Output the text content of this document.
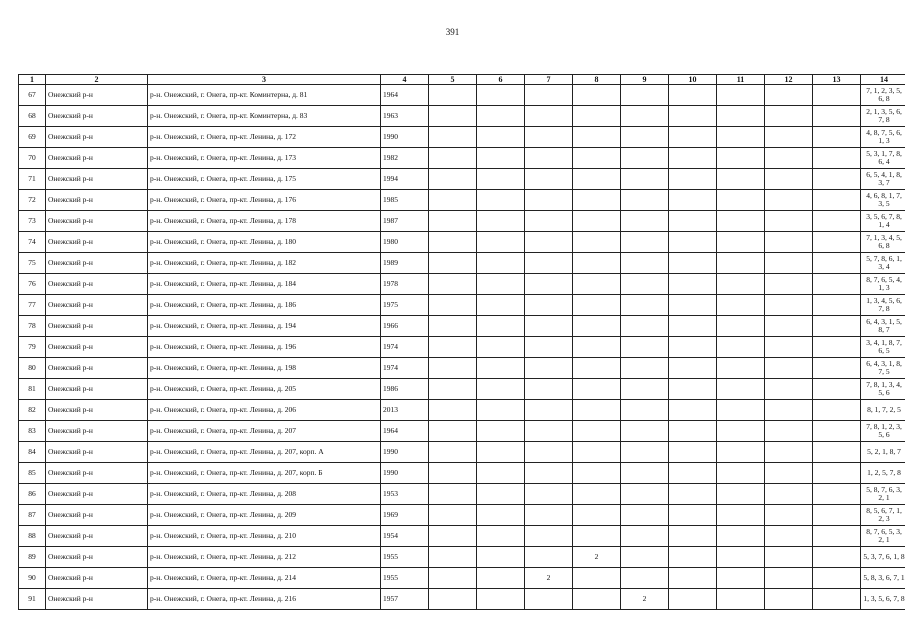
391
1	2	3	4	5	6	7	8	9	10	11	12	13	14
67	Онежский р-н	р-н. Онежский, г. Онега, пр-кт. Коминтерна, д. 81	1964										7, 1, 2, 3, 5, 6, 8
68	Онежский р-н	р-н. Онежский, г. Онега, пр-кт. Коминтерна, д. 83	1963										2, 1, 3, 5, 6, 7, 8
69	Онежский р-н	р-н. Онежский, г. Онега, пр-кт. Ленина, д. 172	1990										4, 8, 7, 5, 6, 1, 3
70	Онежский р-н	р-н. Онежский, г. Онега, пр-кт. Ленина, д. 173	1982										5, 3, 1, 7, 8, 6, 4
71	Онежский р-н	р-н. Онежский, г. Онега, пр-кт. Ленина, д. 175	1994										6, 5, 4, 1, 8, 3, 7
72	Онежский р-н	р-н. Онежский, г. Онега, пр-кт. Ленина, д. 176	1985										4, 6, 8, 1, 7, 3, 5
73	Онежский р-н	р-н. Онежский, г. Онега, пр-кт. Ленина, д. 178	1987										3, 5, 6, 7, 8, 1, 4
74	Онежский р-н	р-н. Онежский, г. Онега, пр-кт. Ленина, д. 180	1980										7, 1, 3, 4, 5, 6, 8
75	Онежский р-н	р-н. Онежский, г. Онега, пр-кт. Ленина, д. 182	1989										5, 7, 8, 6, 1, 3, 4
76	Онежский р-н	р-н. Онежский, г. Онега, пр-кт. Ленина, д. 184	1978										8, 7, 6, 5, 4, 1, 3
77	Онежский р-н	р-н. Онежский, г. Онега, пр-кт. Ленина, д. 186	1975										1, 3, 4, 5, 6, 7, 8
78	Онежский р-н	р-н. Онежский, г. Онега, пр-кт. Ленина, д. 194	1966										6, 4, 3, 1, 5, 8, 7
79	Онежский р-н	р-н. Онежский, г. Онега, пр-кт. Ленина, д. 196	1974										3, 4, 1, 8, 7, 6, 5
80	Онежский р-н	р-н. Онежский, г. Онега, пр-кт. Ленина, д. 198	1974										6, 4, 3, 1, 8, 7, 5
81	Онежский р-н	р-н. Онежский, г. Онега, пр-кт. Ленина, д. 205	1986										7, 8, 1, 3, 4, 5, 6
82	Онежский р-н	р-н. Онежский, г. Онега, пр-кт. Ленина, д. 206	2013										8, 1, 7, 2, 5
83	Онежский р-н	р-н. Онежский, г. Онега, пр-кт. Ленина, д. 207	1964										7, 8, 1, 2, 3, 5, 6
84	Онежский р-н	р-н. Онежский, г. Онега, пр-кт. Ленина, д. 207, корп. А	1990										5, 2, 1, 8, 7
85	Онежский р-н	р-н. Онежский, г. Онега, пр-кт. Ленина, д. 207, корп. Б	1990										1, 2, 5, 7, 8
86	Онежский р-н	р-н. Онежский, г. Онега, пр-кт. Ленина, д. 208	1953										5, 8, 7, 6, 3, 2, 1
87	Онежский р-н	р-н. Онежский, г. Онега, пр-кт. Ленина, д. 209	1969										8, 5, 6, 7, 1, 2, 3
88	Онежский р-н	р-н. Онежский, г. Онега, пр-кт. Ленина, д. 210	1954										8, 7, 6, 5, 3, 2, 1
89	Онежский р-н	р-н. Онежский, г. Онега, пр-кт. Ленина, д. 212	1955				2						5, 3, 7, 6, 1, 8
90	Онежский р-н	р-н. Онежский, г. Онега, пр-кт. Ленина, д. 214	1955			2							5, 8, 3, 6, 7, 1
91	Онежский р-н	р-н. Онежский, г. Онега, пр-кт. Ленина, д. 216	1957					2					1, 3, 5, 6, 7, 8
